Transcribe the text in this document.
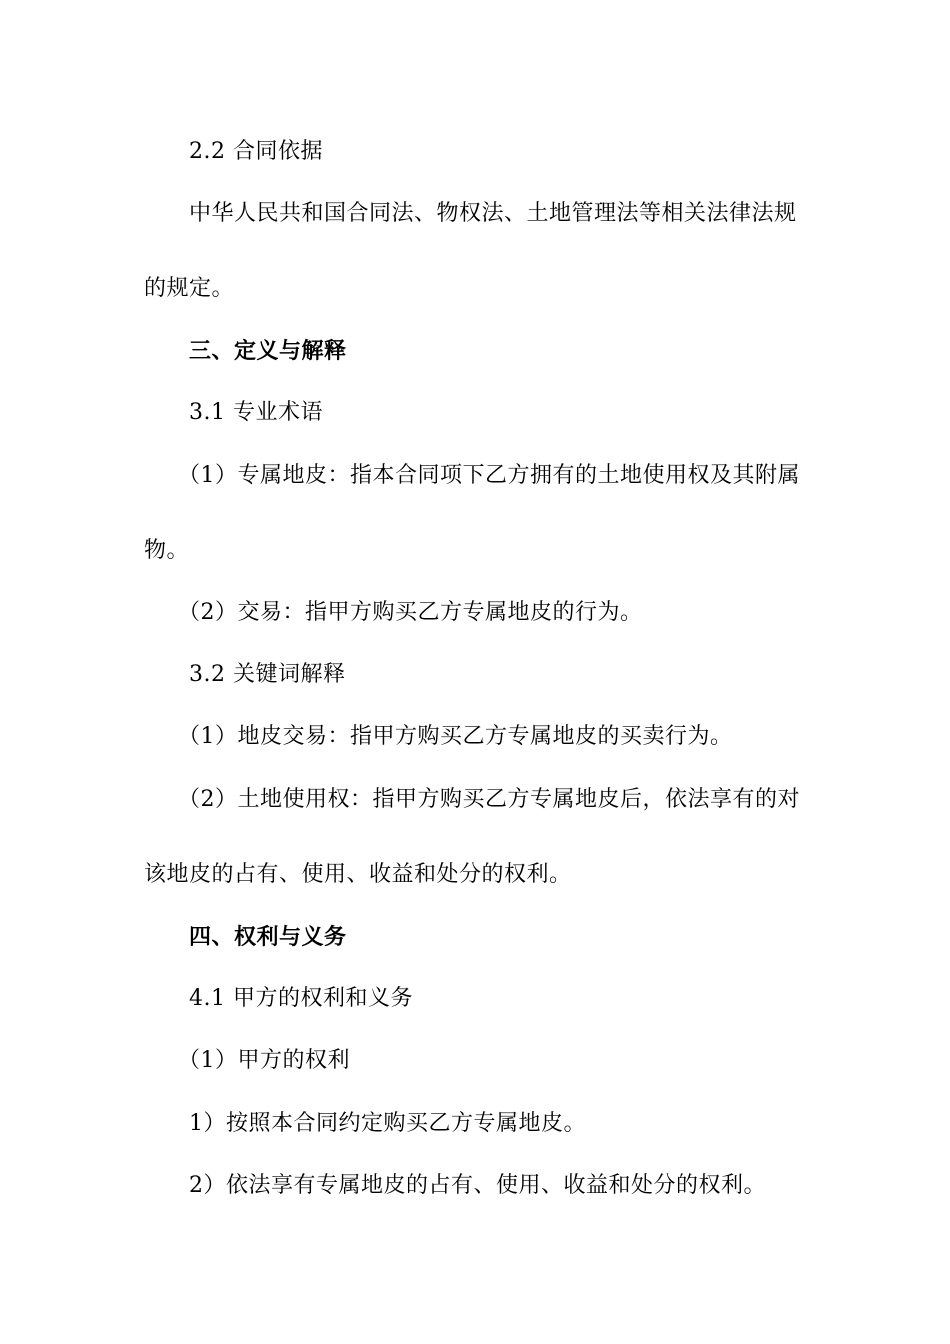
2.2 合同依据
中华人民共和国合同法、物权法、土地管理法等相关法律法规
的规定。
三、定义与解释
3.1 专业术语
（1）专属地皮：指本合同项下乙方拥有的土地使用权及其附属
物。
（2）交易：指甲方购买乙方专属地皮的行为。
3.2 关键词解释
（1）地皮交易：指甲方购买乙方专属地皮的买卖行为。
（2）土地使用权：指甲方购买乙方专属地皮后，依法享有的对
该地皮的占有、使用、收益和处分的权利。
四、权利与义务
4.1 甲方的权利和义务
（1）甲方的权利
1）按照本合同约定购买乙方专属地皮。
2）依法享有专属地皮的占有、使用、收益和处分的权利。
